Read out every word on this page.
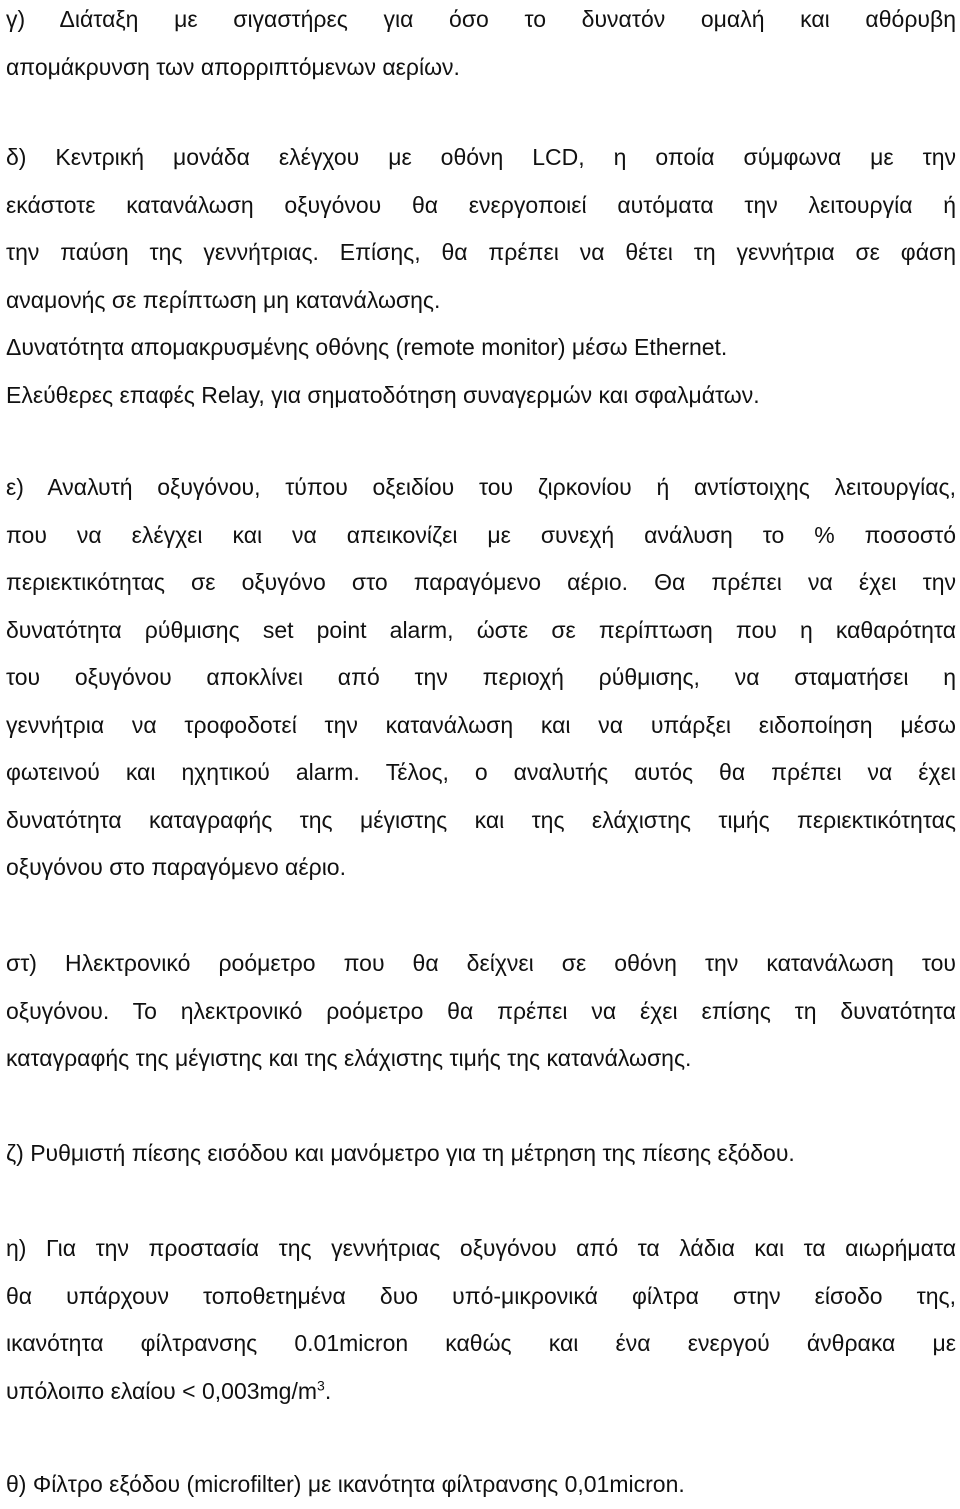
γ) Διάταξη με σιγαστήρες για όσο το δυνατόν ομαλή και αθόρυβη
απομάκρυνση των απορριπτόμενων αερίων.
δ) Κεντρική μονάδα ελέγχου με οθόνη LCD, η οποία σύμφωνα με την
εκάστοτε κατανάλωση οξυγόνου θα ενεργοποιεί αυτόματα την λειτουργία ή
την παύση της γεννήτριας. Επίσης, θα πρέπει να θέτει τη γεννήτρια σε φάση
αναμονής σε περίπτωση μη κατανάλωσης.
Δυνατότητα απομακρυσμένης οθόνης (remote monitor) μέσω Ethernet.
Ελεύθερες επαφές Relay, για σηματοδότηση συναγερμών και σφαλμάτων.
ε) Αναλυτή οξυγόνου, τύπου οξειδίου του ζιρκονίου ή αντίστοιχης λειτουργίας,
που να ελέγχει και να απεικονίζει με συνεχή ανάλυση το % ποσοστό
περιεκτικότητας σε οξυγόνο στο παραγόμενο αέριο. Θα πρέπει να έχει την
δυνατότητα ρύθμισης set point alarm, ώστε σε περίπτωση που η καθαρότητα
του οξυγόνου αποκλίνει από την περιοχή ρύθμισης, να σταματήσει η
γεννήτρια να τροφοδοτεί την κατανάλωση και να υπάρξει ειδοποίηση μέσω
φωτεινού και ηχητικού alarm. Τέλος, ο αναλυτής αυτός θα πρέπει να έχει
δυνατότητα καταγραφής της μέγιστης και της ελάχιστης τιμής περιεκτικότητας
οξυγόνου στο παραγόμενο αέριο.
στ) Ηλεκτρονικό ροόμετρο που θα δείχνει σε οθόνη την κατανάλωση του
οξυγόνου. Το ηλεκτρονικό ροόμετρο θα πρέπει να έχει επίσης τη δυνατότητα
καταγραφής της μέγιστης και της ελάχιστης τιμής της κατανάλωσης.
ζ) Ρυθμιστή πίεσης εισόδου και μανόμετρο για τη μέτρηση της πίεσης εξόδου.
η) Για την προστασία της γεννήτριας οξυγόνου από τα λάδια και τα αιωρήματα
θα υπάρχουν τοποθετημένα δυο υπό-μικρονικά φίλτρα στην είσοδο της,
ικανότητα φίλτρανσης 0.01micron καθώς και ένα ενεργού άνθρακα με
υπόλοιπο $\varepsilon\lambda\alpha ίo\upsilon < 0,003mg/m^3$.
θ) Φίλτρο εξόδου (microfilter) με ικανότητα φίλτρανσης 0,01micron.
